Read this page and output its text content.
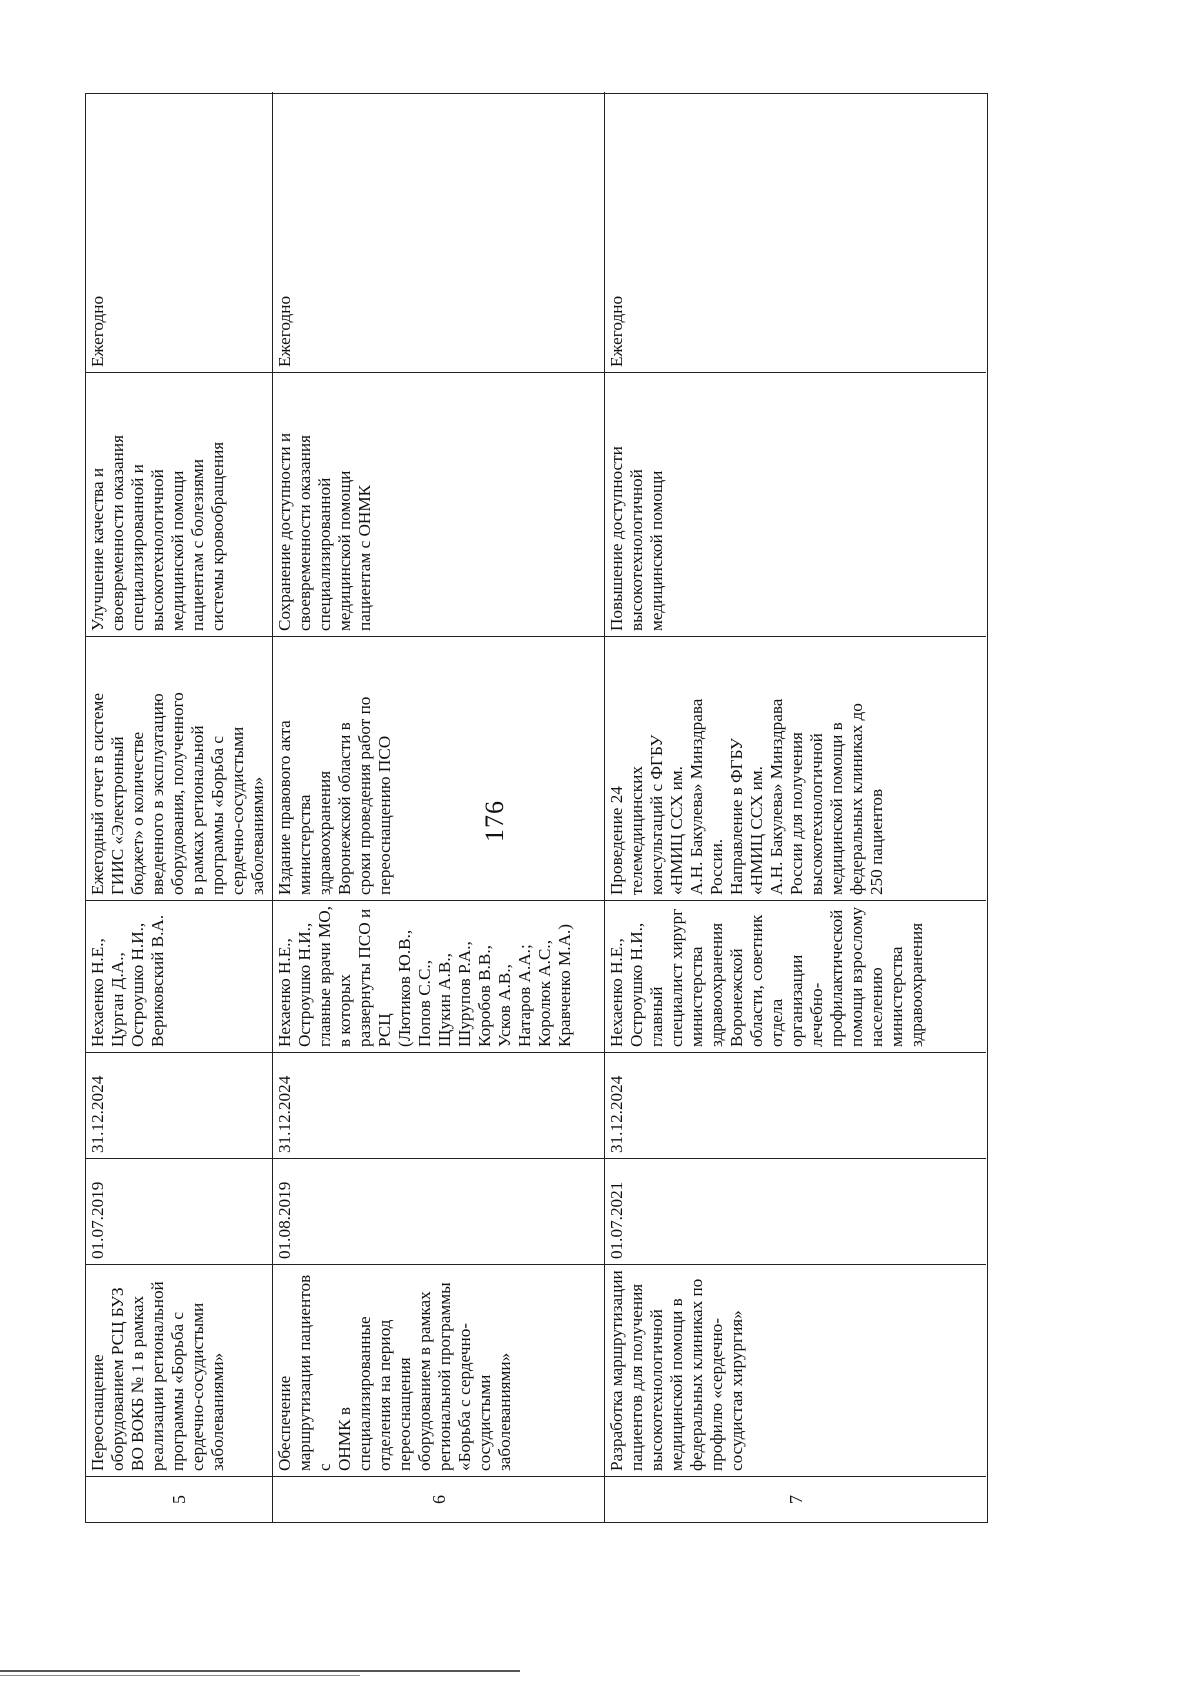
176
5
Переоснащение
оборудованием РСЦ БУЗ
ВО ВОКБ № 1 в рамках
реализации региональной
программы «Борьба с
сердечно-сосудистыми
заболеваниями»
01.07.2019
31.12.2024
Нехаенко Н.Е.,
Цурган Д.А.,
Остроушко Н.И.,
Вериковский В.А.
Ежегодный отчет в системе
ГИИС «Электронный
бюджет» о количестве
введенного в эксплуатацию
оборудования, полученного
в рамках региональной
программы «Борьба с
сердечно-сосудистыми
заболеваниями»
Улучшение качества и
своевременности оказания
специализированной и
высокотехнологичной
медицинской помощи
пациентам с болезнями
системы кровообращения
Ежегодно
6
Обеспечение
маршрутизации пациентов с
ОНМК в
специализированные
отделения на период
переоснащения
оборудованием в рамках
региональной программы
«Борьба с сердечно-
сосудистыми
заболеваниями»
01.08.2019
31.12.2024
Нехаенко Н.Е.,
Остроушко Н.И.,
главные врачи МО,
в которых
развернуты ПСО и
РСЦ
(Лютиков Ю.В.,
Попов С.С.,
Щукин А.В.,
Шурупов Р.А.,
Коробов В.В.,
Усков А.В.,
Натаров А.А.;
Королюк А.С.,
Кравченко М.А.)
Издание правового акта
министерства
здравоохранения
Воронежской области в
сроки проведения работ по
переоснащению ПСО
Сохранение доступности и
своевременности оказания
специализированной
медицинской помощи
пациентам с ОНМК
Ежегодно
7
Разработка маршрутизации
пациентов для получения
высокотехнологичной
медицинской помощи в
федеральных клиниках по
профилю «сердечно-
сосудистая хирургия»
01.07.2021
31.12.2024
Нехаенко Н.Е.,
Остроушко Н.И.,
главный
специалист хирург
министерства
здравоохранения
Воронежской
области, советник
отдела организации
лечебно-
профилактической
помощи взрослому
населению
министерства
здравоохранения
Проведение 24
телемедицинских
консультаций с ФГБУ
«НМИЦ ССХ им.
А.Н. Бакулева» Минздрава
России.
Направление в ФГБУ
«НМИЦ ССХ им.
А.Н. Бакулева» Минздрава
России для получения
высокотехнологичной
медицинской помощи в
федеральных клиниках до
250 пациентов
Повышение доступности
высокотехнологичной
медицинской помощи
Ежегодно
